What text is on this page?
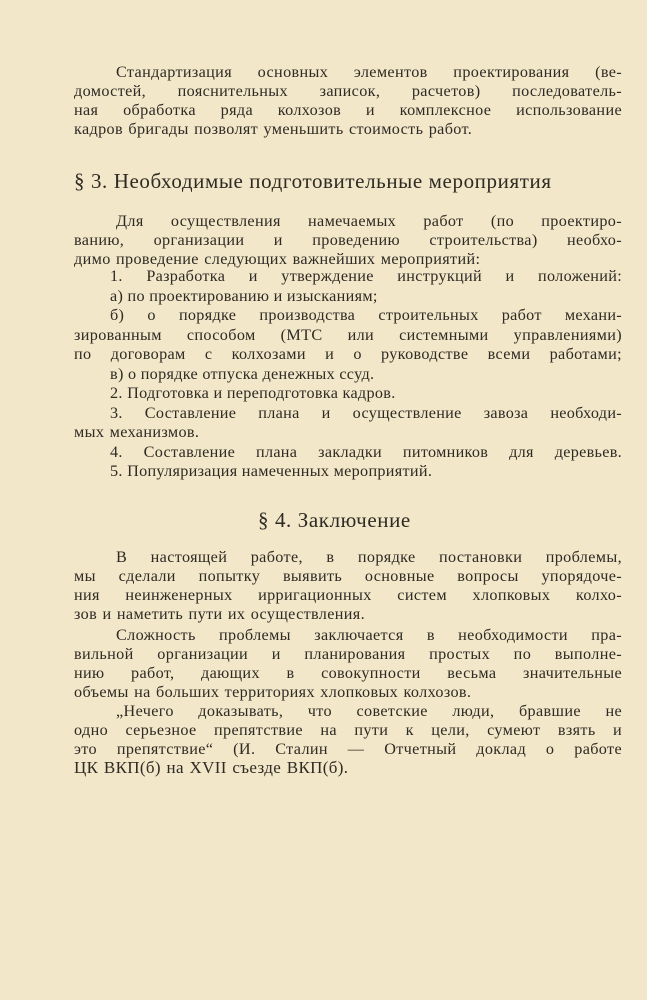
Стандартизация основных элементов проектирования (ве-
домостей, пояснительных записок, расчетов) последователь-
ная обработка ряда колхозов и комплексное использование
кадров бригады позволят уменьшить стоимость работ.
§ 3. Необходимые подготовительные мероприятия
Для осуществления намечаемых работ (по проектиро-
ванию, организации и проведению строительства) необхо-
димо проведение следующих важнейших мероприятий:
1. Разработка и утверждение инструкций и положений:
а) по проектированию и изысканиям;
б) о порядке производства строительных работ механи-
зированным способом (МТС или системными управлениями)
по договорам с колхозами и о руководстве всеми работами;
в) о порядке отпуска денежных ссуд.
2. Подготовка и переподготовка кадров.
3. Составление плана и осуществление завоза необходи-
мых механизмов.
4. Составление плана закладки питомников для деревьев.
5. Популяризация намеченных мероприятий.
§ 4. Заключение
В настоящей работе, в порядке постановки проблемы,
мы сделали попытку выявить основные вопросы упорядоче-
ния неинженерных ирригационных систем хлопковых колхо-
зов и наметить пути их осуществления.
Сложность проблемы заключается в необходимости пра-
вильной организации и планирования простых по выполне-
нию работ, дающих в совокупности весьма значительные
объемы на больших территориях хлопковых колхозов.
„Нечего доказывать, что советские люди, бравшие не
одно серьезное препятствие на пути к цели, сумеют взять и
это препятствие“ (И. Сталин — Отчетный доклад о работе
ЦК ВКП(б) на XVII съезде ВКП(б).
